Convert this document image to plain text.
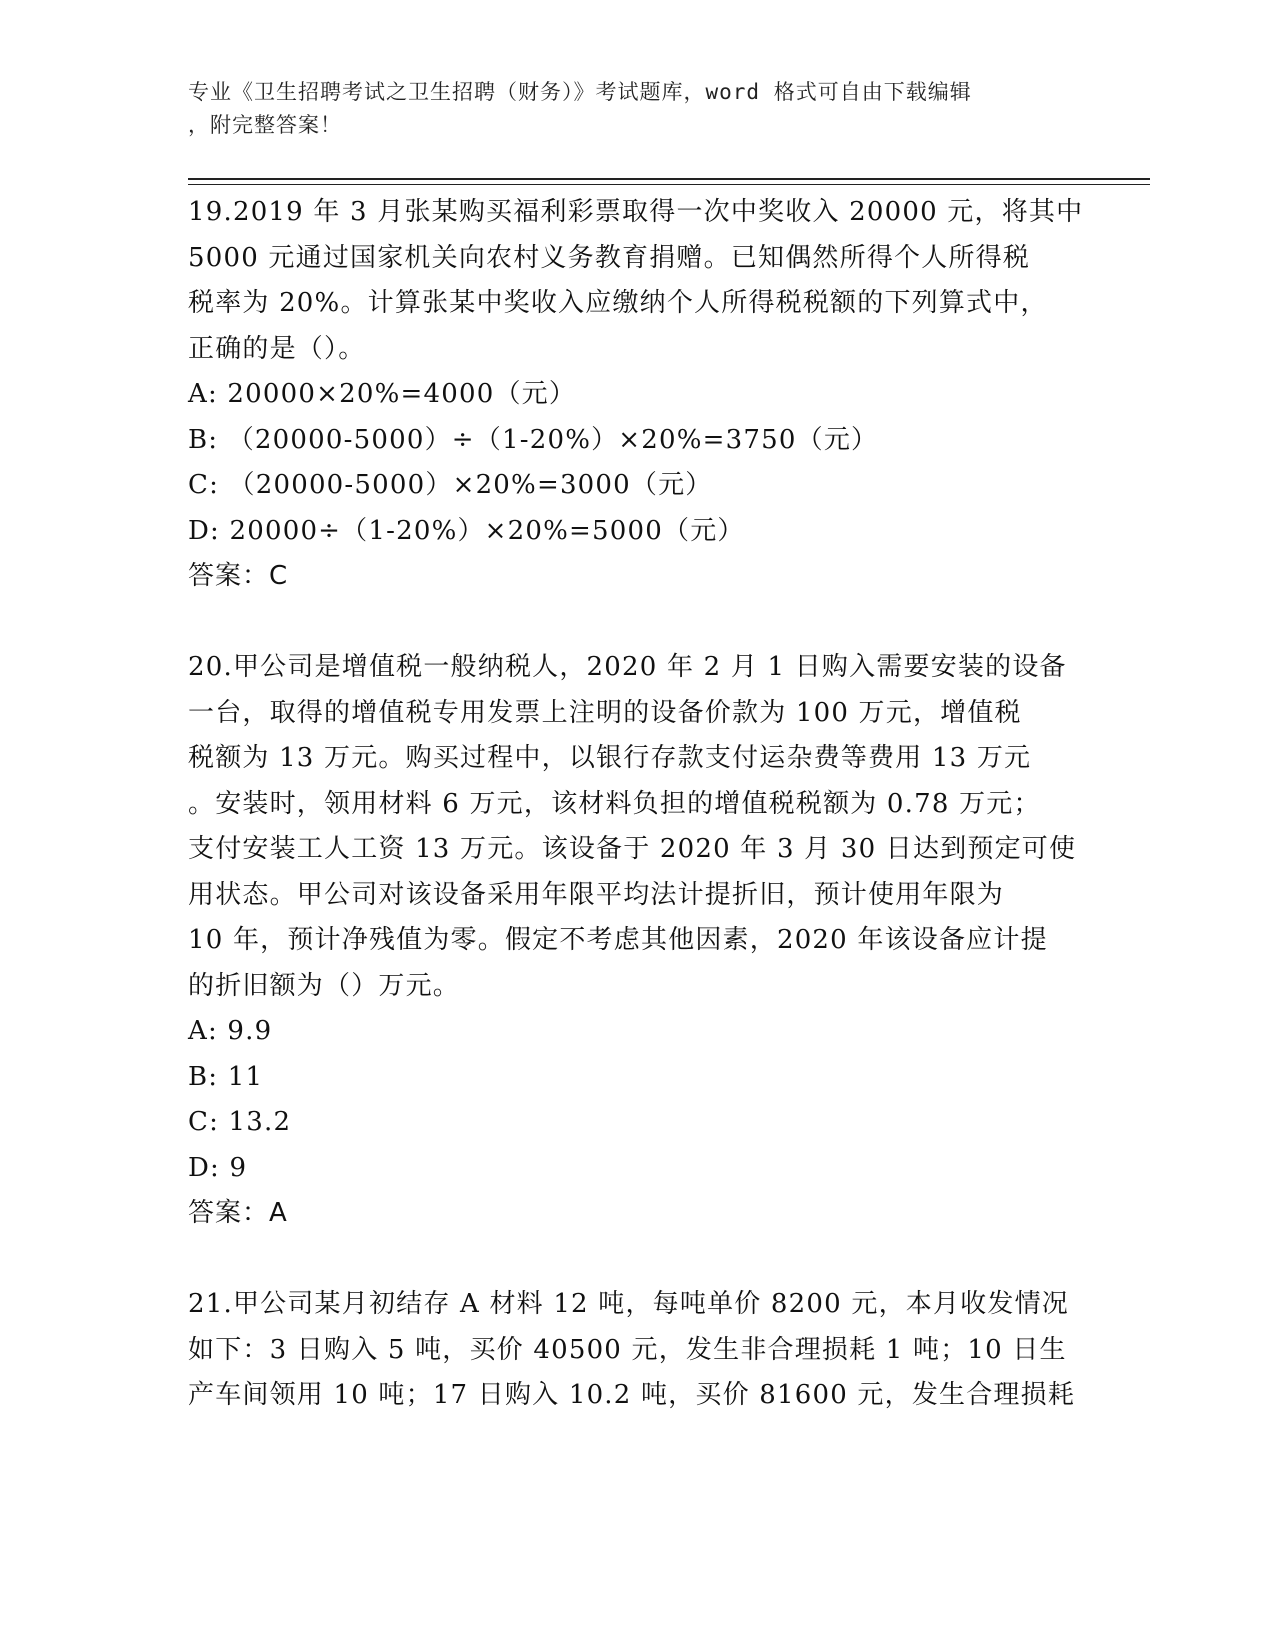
专业《卫生招聘考试之卫生招聘（财务）》考试题库，word 格式可自由下载编辑
，附完整答案！

19.2019 年 3 月张某购买福利彩票取得一次中奖收入 20000 元，将其中

5000 元通过国家机关向农村义务教育捐赠。已知偶然所得个人所得税

税率为 20%。计算张某中奖收入应缴纳个人所得税税额的下列算式中，

正确的是（）。

A: 20000×20%=4000（元）

B: （20000-5000）÷（1-20%）×20%=3750（元）

C: （20000-5000）×20%=3000（元）

D: 20000÷（1-20%）×20%=5000（元）

答案：C

20.甲公司是增值税一般纳税人，2020 年 2 月 1 日购入需要安装的设备

一台，取得的增值税专用发票上注明的设备价款为 100 万元，增值税

税额为 13 万元。购买过程中，以银行存款支付运杂费等费用 13 万元

。安装时，领用材料 6 万元，该材料负担的增值税税额为 0.78 万元；

支付安装工人工资 13 万元。该设备于 2020 年 3 月 30 日达到预定可使

用状态。甲公司对该设备采用年限平均法计提折旧，预计使用年限为

10 年，预计净残值为零。假定不考虑其他因素，2020 年该设备应计提

的折旧额为（）万元。

A: 9.9

B: 11

C: 13.2

D: 9

答案：A

21.甲公司某月初结存 A 材料 12 吨，每吨单价 8200 元，本月收发情况

如下：3 日购入 5 吨，买价 40500 元，发生非合理损耗 1 吨；10 日生

产车间领用 10 吨；17 日购入 10.2 吨，买价 81600 元，发生合理损耗
